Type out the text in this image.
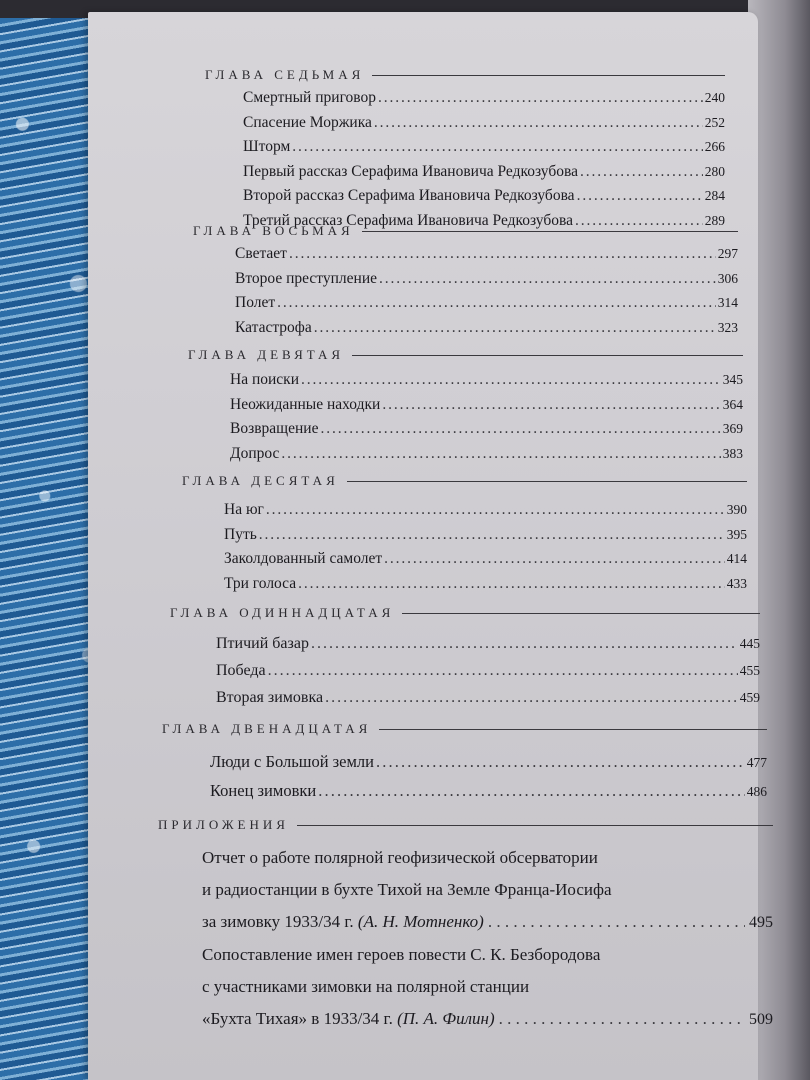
ГЛАВА СЕДЬМАЯ
Смертный приговор . . .	240
Спасение Моржика . . .	252
Шторм . . .	266
Первый рассказ Серафима Ивановича Редкозубова . . .	280
Второй рассказ Серафима Ивановича Редкозубова . . .	284
Третий рассказ Серафима Ивановича Редкозубова . . .	289
ГЛАВА ВОСЬМАЯ
Светает . . .	297
Второе преступление . . .	306
Полет . . .	314
Катастрофа . . .	323
ГЛАВА ДЕВЯТАЯ
На поиски . . .	345
Неожиданные находки . . .	364
Возвращение . . .	369
Допрос . . .	383
ГЛАВА ДЕСЯТАЯ
На юг . . .	390
Путь . . .	395
Заколдованный самолет . . .	414
Три голоса . . .	433
ГЛАВА ОДИННАДЦАТАЯ
Птичий базар . . .	445
Победа . . .	455
Вторая зимовка . . .	459
ГЛАВА ДВЕНАДЦАТАЯ
Люди с Большой земли . . .	477
Конец зимовки . . .	486
ПРИЛОЖЕНИЯ
Отчет о работе полярной геофизической обсерватории
и радиостанции в бухте Тихой на Земле Франца-Иосифа
за зимовку 1933/34 г.
(А. Н. Мотненко) . . .	495
Сопоставление имен героев повести С. К. Безбородова
с участниками зимовки на полярной станции
«Бухта Тихая» в 1933/34 г.
(П. А. Филин) . . .	509
